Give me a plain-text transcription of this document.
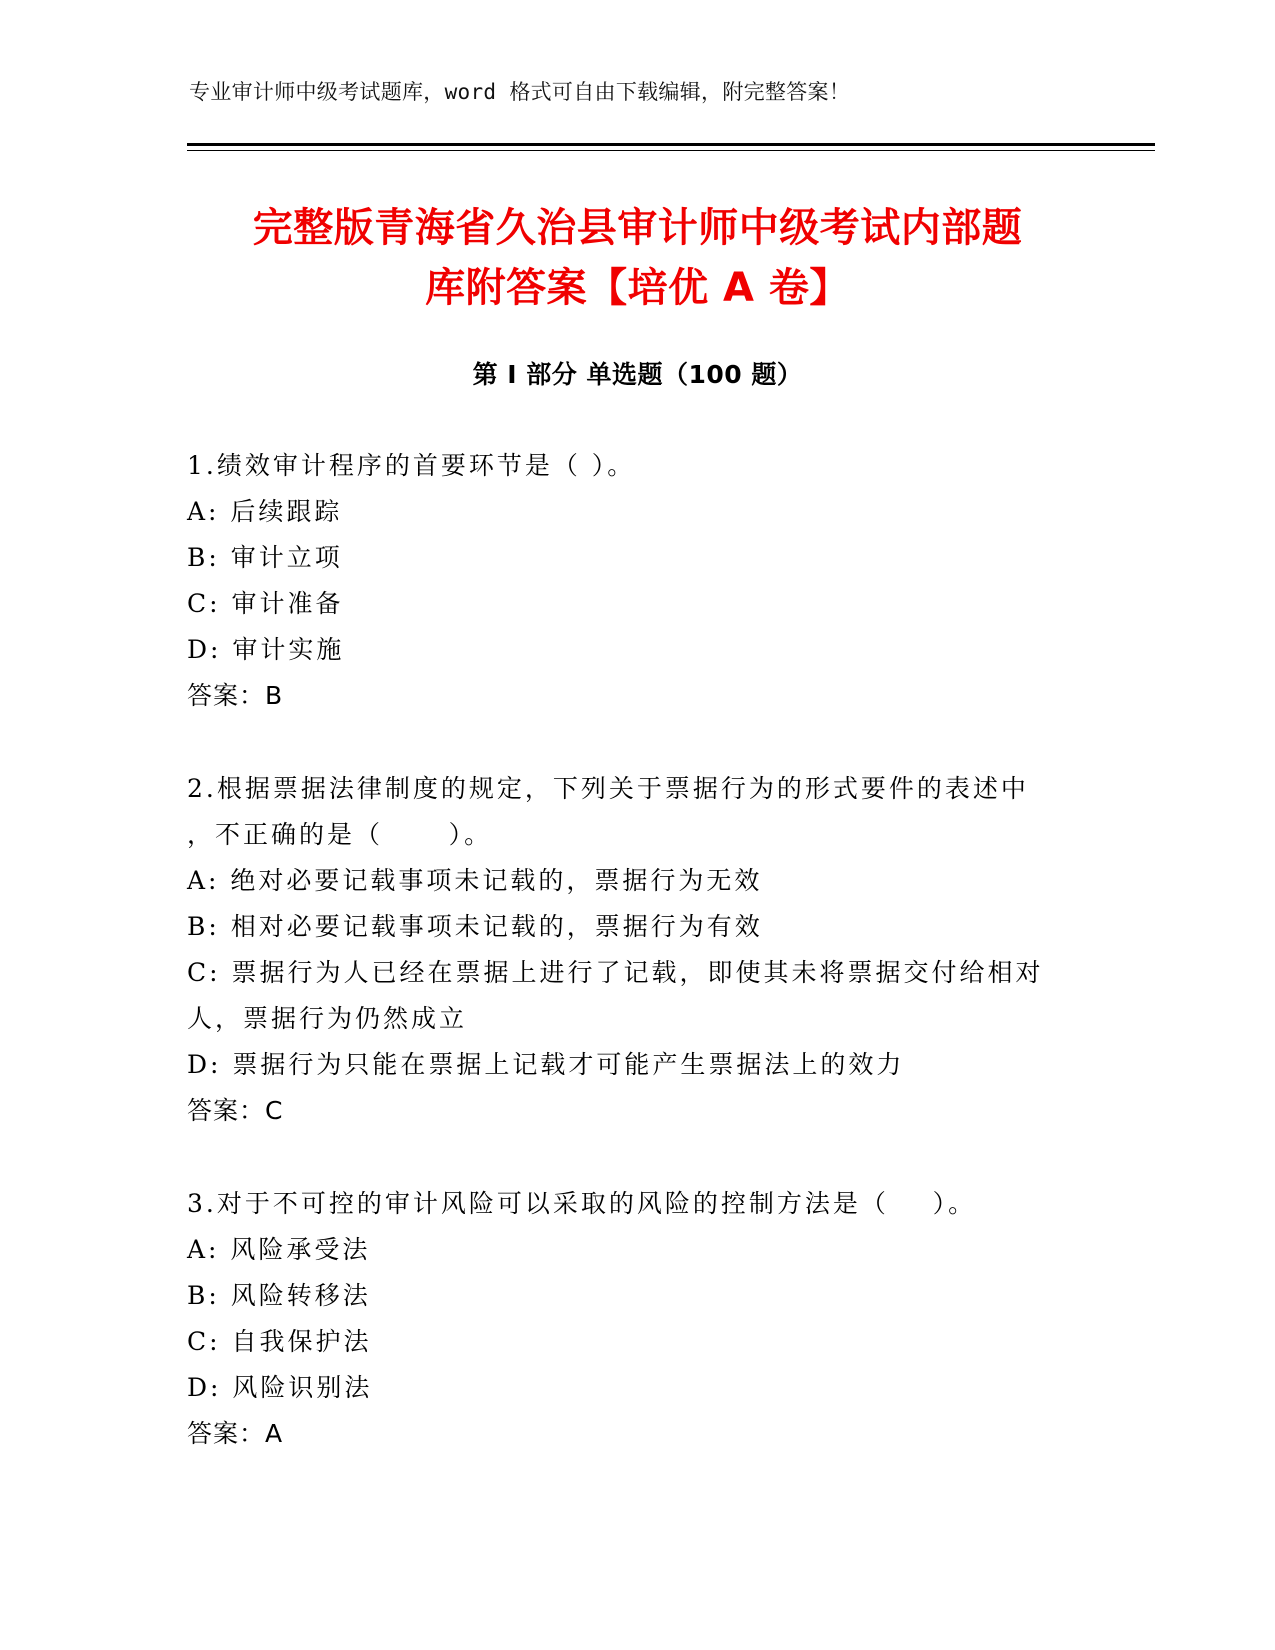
专业审计师中级考试题库，word 格式可自由下载编辑，附完整答案！
完整版青海省久治县审计师中级考试内部题
库附答案【培优 A 卷】
第 I 部分 单选题（100 题）
1.绩效审计程序的首要环节是（ ）。
A: 后续跟踪
B: 审计立项
C: 审计准备
D: 审计实施
答案：B
2.根据票据法律制度的规定，下列关于票据行为的形式要件的表述中
，不正确的是（      ）。
A: 绝对必要记载事项未记载的，票据行为无效
B: 相对必要记载事项未记载的，票据行为有效
C: 票据行为人已经在票据上进行了记载，即使其未将票据交付给相对
人，票据行为仍然成立
D: 票据行为只能在票据上记载才可能产生票据法上的效力
答案：C
3.对于不可控的审计风险可以采取的风险的控制方法是（    ）。
A: 风险承受法
B: 风险转移法
C: 自我保护法
D: 风险识别法
答案：A
